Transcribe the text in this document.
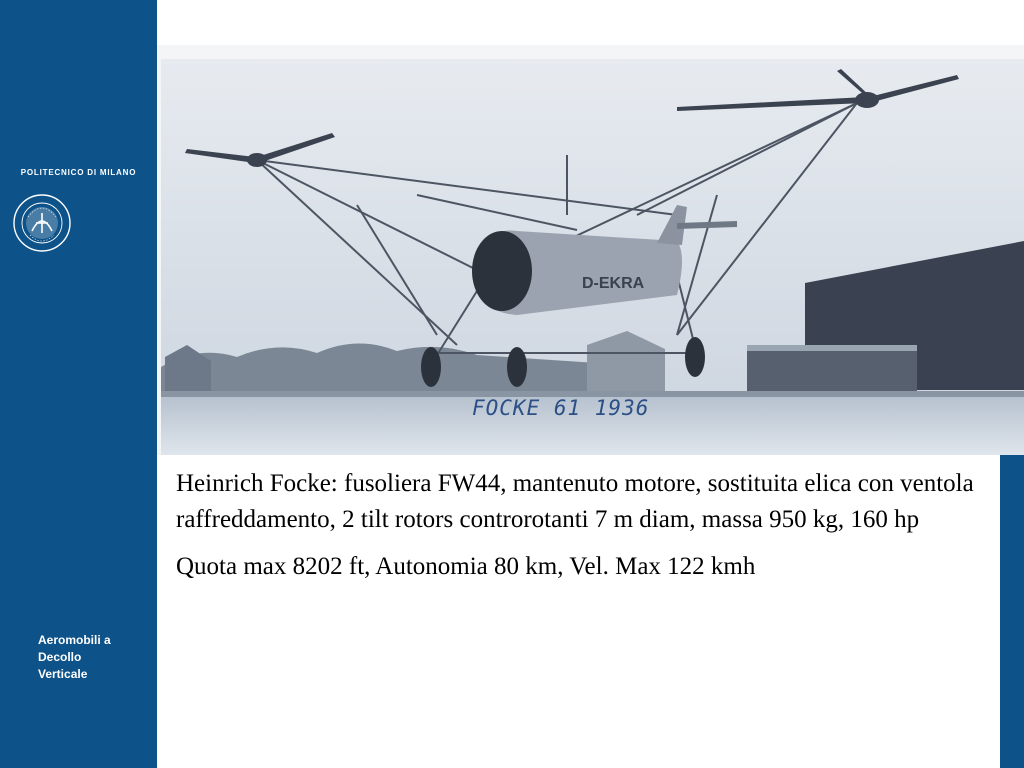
POLITECNICO DI MILANO
Aeromobili a
Decollo
Verticale
D-EKRA
FOCKE 61 1936

Heinrich Focke: fusoliera FW44, mantenuto motore, sostituita elica con ventola raffreddamento, 2 tilt rotors controrotanti 7 m diam, massa 950 kg, 160 hp

Quota max 8202 ft, Autonomia 80 km, Vel. Max 122 kmh
